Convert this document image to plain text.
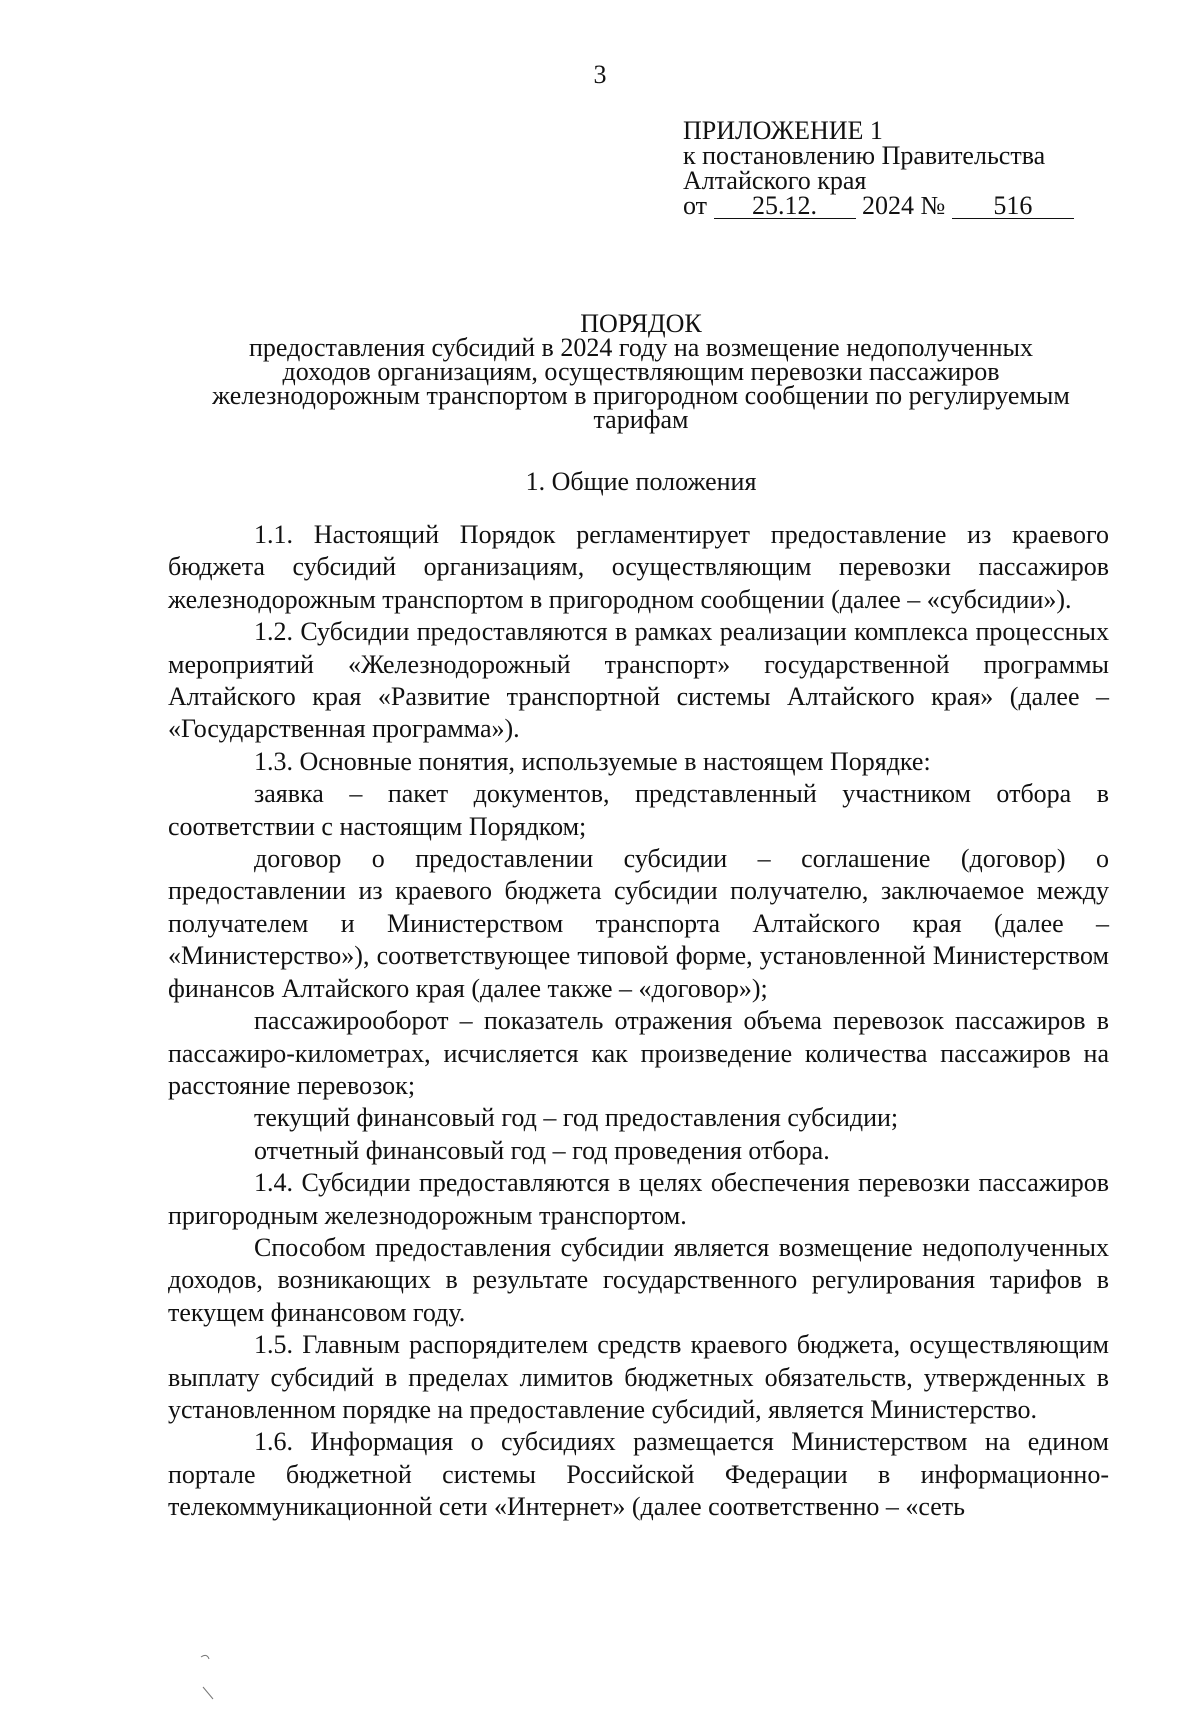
3
ПРИЛОЖЕНИЕ 1
к постановлению Правительства
Алтайского края
от 25.12. 2024 № 516
ПОРЯДОК
предоставления субсидий в 2024 году на возмещение недополученных
доходов организациям, осуществляющим перевозки пассажиров
железнодорожным транспортом в пригородном сообщении по регулируемым
тарифам
1. Общие положения

1.1. Настоящий Порядок регламентирует предоставление из краевого бюджета субсидий организациям, осуществляющим перевозки пассажиров железнодорожным транспортом в пригородном сообщении (далее – «субсидии»).

1.2. Субсидии предоставляются в рамках реализации комплекса процессных мероприятий «Железнодорожный транспорт» государственной программы Алтайского края «Развитие транспортной системы Алтайского края» (далее – «Государственная программа»).

1.3. Основные понятия, используемые в настоящем Порядке:

заявка – пакет документов, представленный участником отбора в соответствии с настоящим Порядком;

договор о предоставлении субсидии – соглашение (договор) о предоставлении из краевого бюджета субсидии получателю, заключаемое между получателем и Министерством транспорта Алтайского края (далее – «Министерство»), соответствующее типовой форме, установленной Министерством финансов Алтайского края (далее также – «договор»);

пассажирооборот – показатель отражения объема перевозок пассажиров в пассажиро-километрах, исчисляется как произведение количества пассажиров на расстояние перевозок;

текущий финансовый год – год предоставления субсидии;

отчетный финансовый год – год проведения отбора.

1.4. Субсидии предоставляются в целях обеспечения перевозки пассажиров пригородным железнодорожным транспортом.

Способом предоставления субсидии является возмещение недополученных доходов, возникающих в результате государственного регулирования тарифов в текущем финансовом году.

1.5. Главным распорядителем средств краевого бюджета, осуществляющим выплату субсидий в пределах лимитов бюджетных обязательств, утвержденных в установленном порядке на предоставление субсидий, является Министерство.

1.6. Информация о субсидиях размещается Министерством на едином портале бюджетной системы Российской Федерации в информационно-телекоммуникационной сети «Интернет» (далее соответственно – «сеть
